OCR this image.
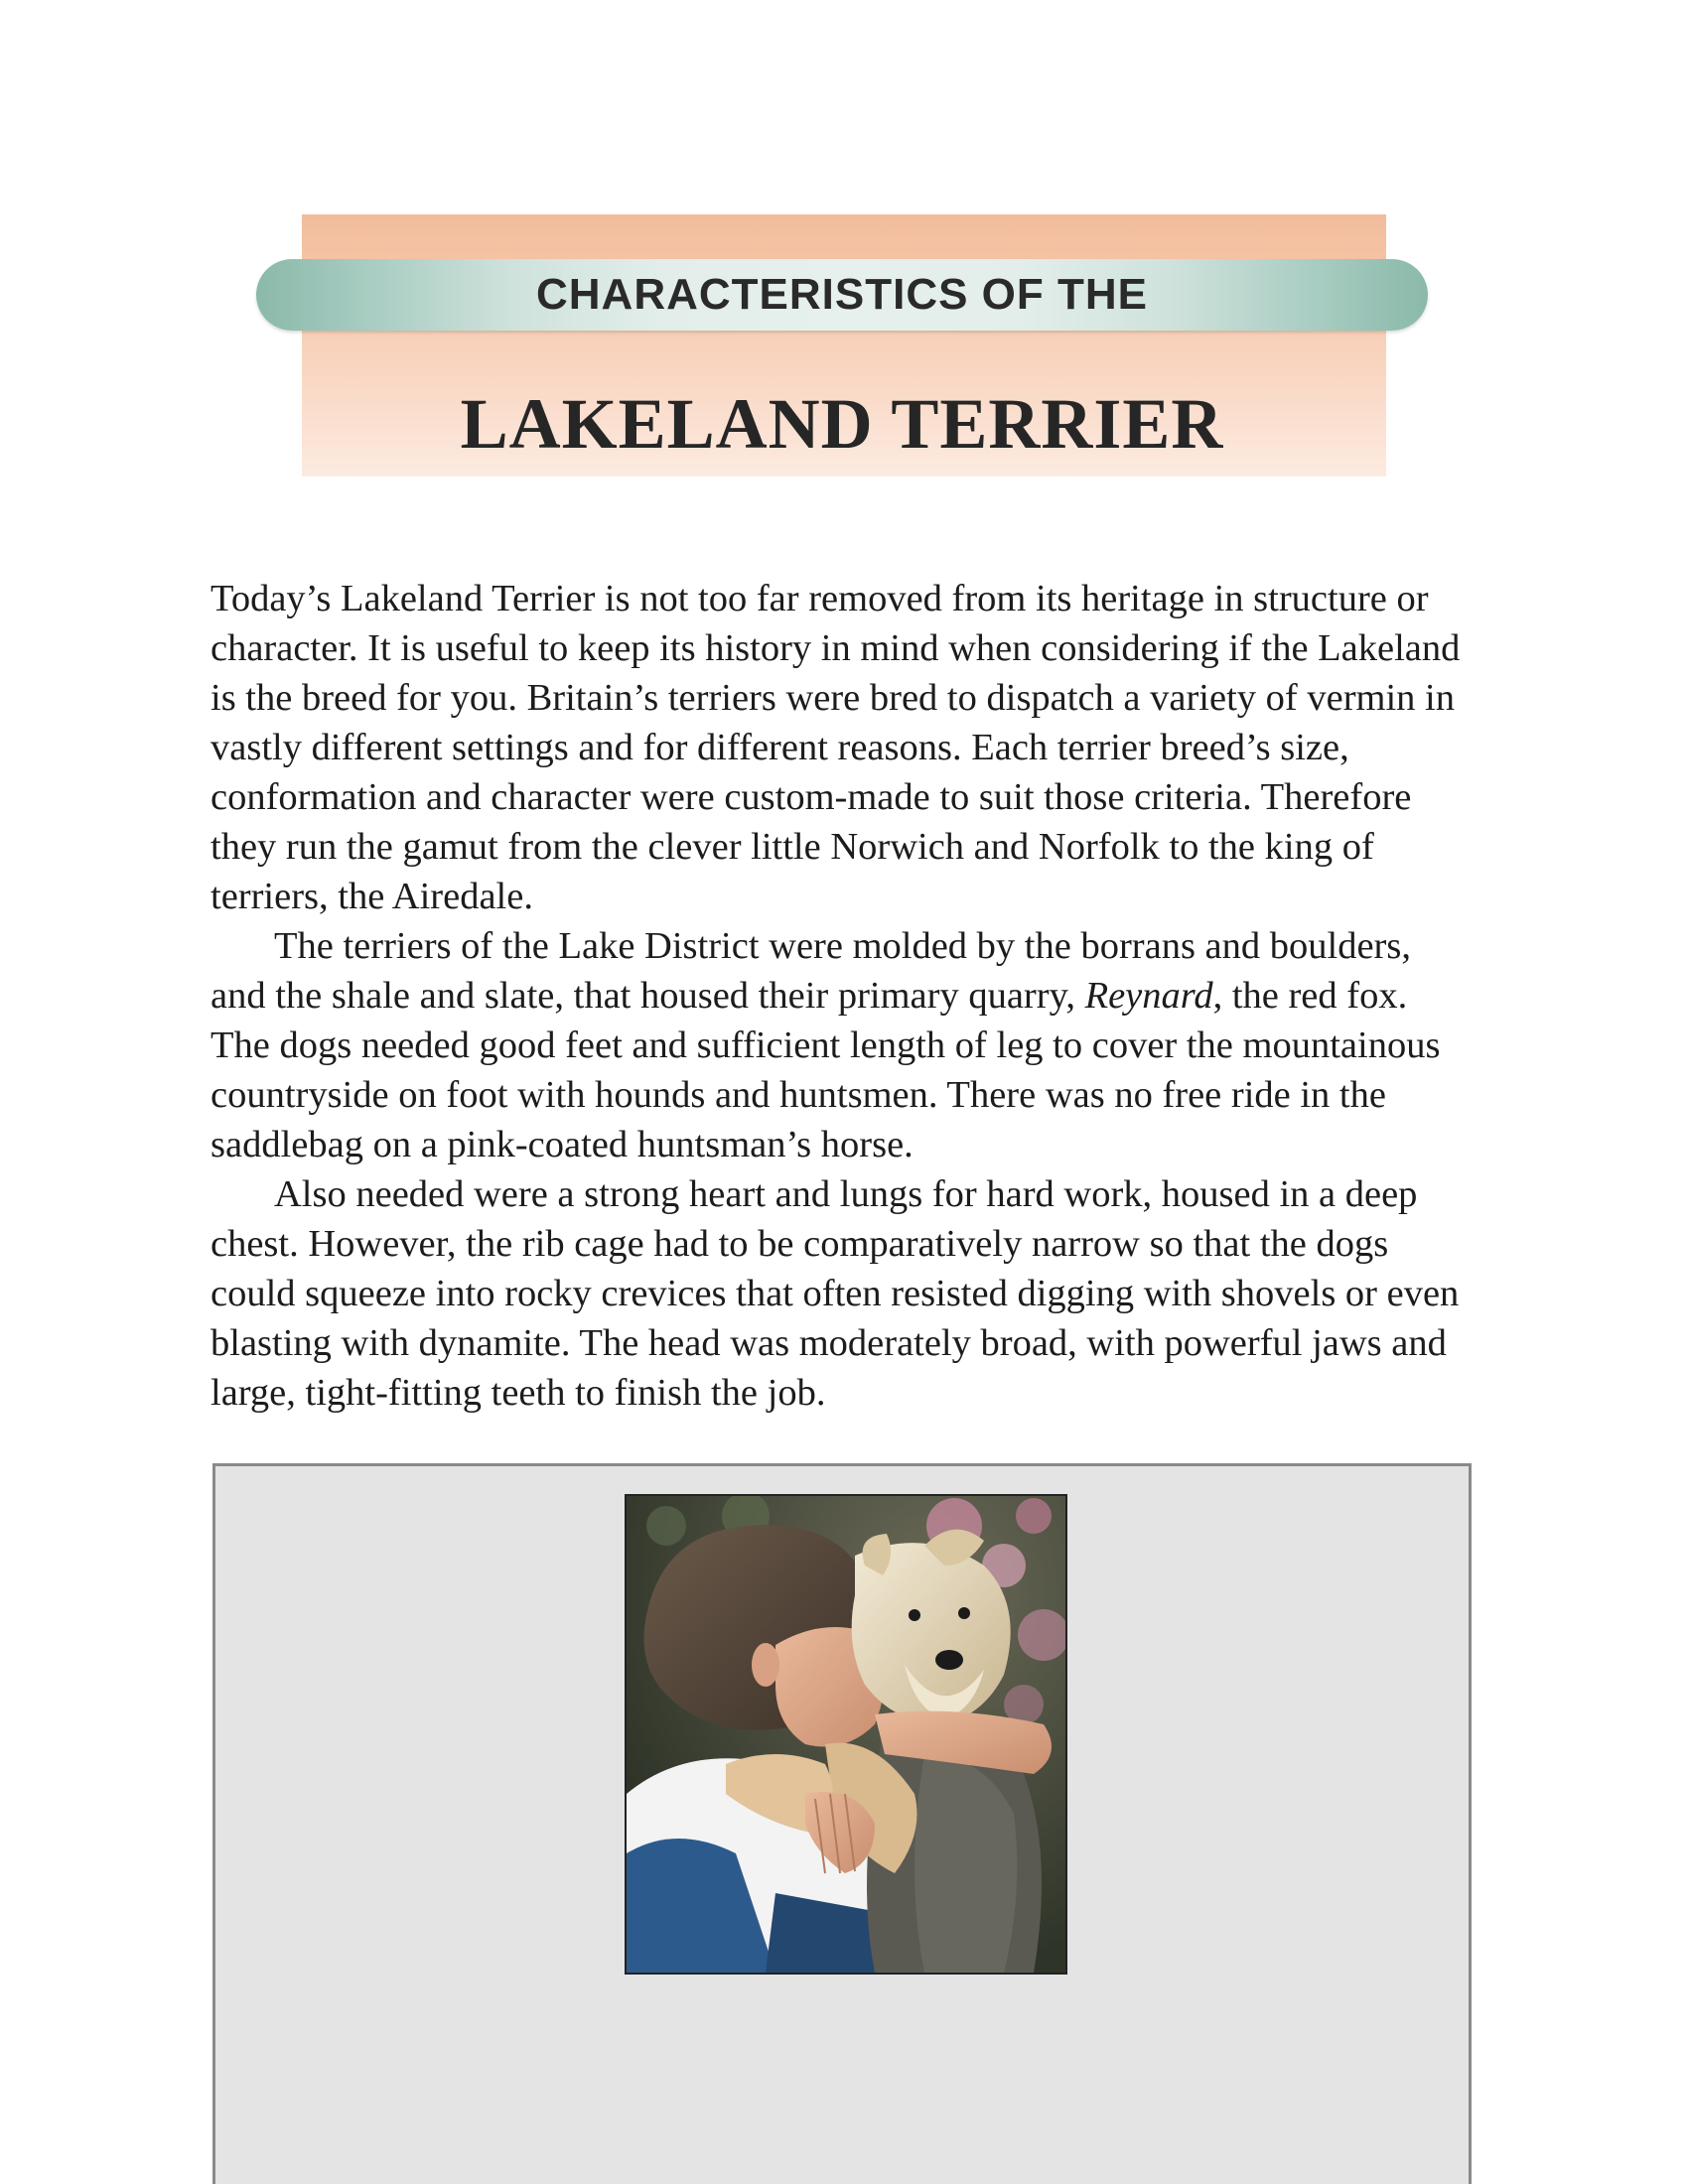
CHARACTERISTICS OF THE
LAKELAND TERRIER

Today’s Lakeland Terrier is not too far removed from its heritage in structure or character. It is useful to keep its history in mind when considering if the Lakeland is the breed for you. Britain’s terriers were bred to dispatch a variety of vermin in vastly different settings and for different reasons. Each terrier breed’s size, conformation and character were custom-made to suit those criteria. Therefore they run the gamut from the clever little Norwich and Norfolk to the king of terriers, the Airedale.

The terriers of the Lake District were molded by the borrans and boulders, and the shale and slate, that housed their primary quarry, Reynard, the red fox. The dogs needed good feet and sufficient length of leg to cover the mountainous countryside on foot with hounds and huntsmen. There was no free ride in the saddlebag on a pink-coated huntsman’s horse.

Also needed were a strong heart and lungs for hard work, housed in a deep chest. However, the rib cage had to be comparatively narrow so that the dogs could squeeze into rocky crevices that often resisted digging with shovels or even blasting with dynamite. The head was moderately broad, with powerful jaws and large, tight-fitting teeth to finish the job.
